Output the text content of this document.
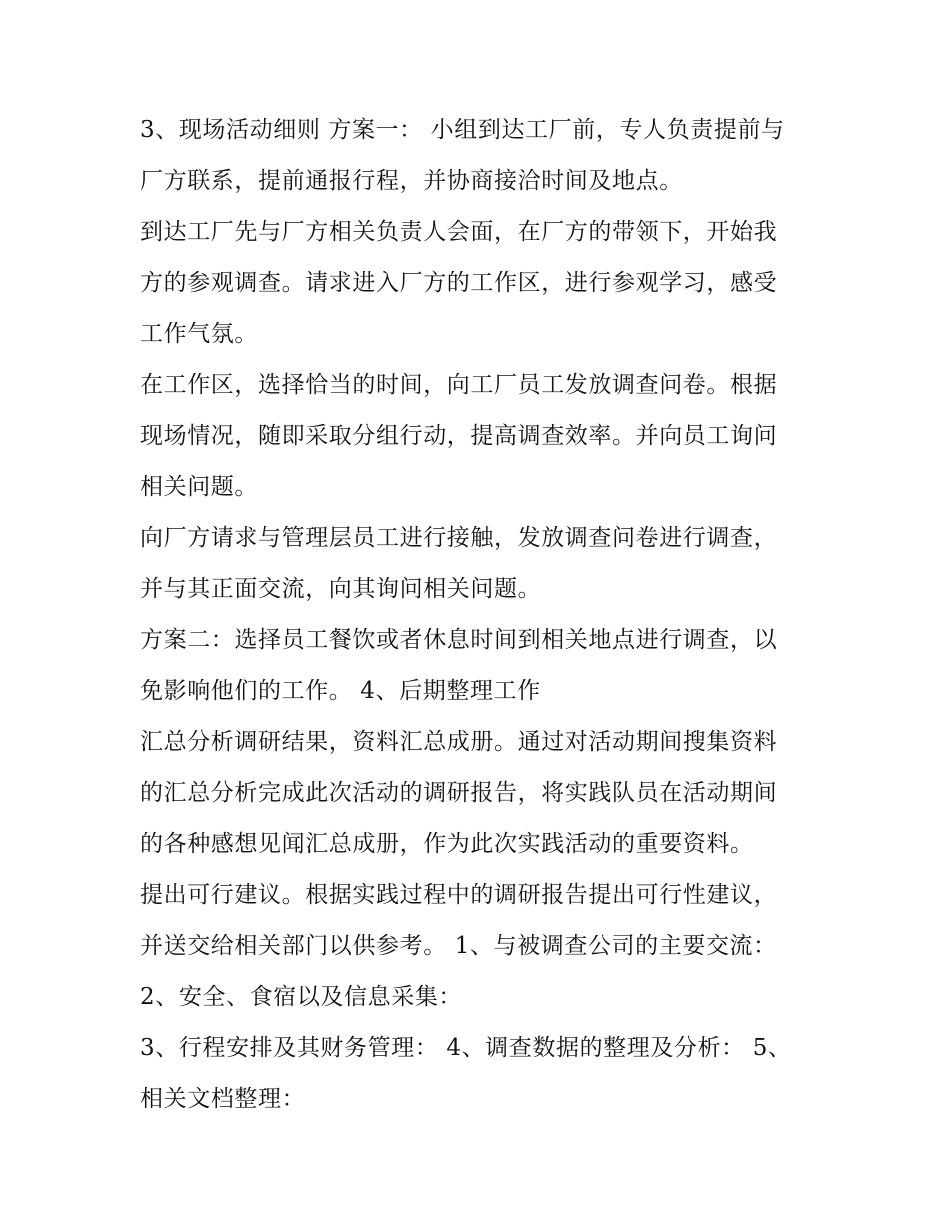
3、现场活动细则 方案一： 小组到达工厂前，专人负责提前与
厂方联系，提前通报行程，并协商接洽时间及地点。
到达工厂先与厂方相关负责人会面，在厂方的带领下，开始我
方的参观调查。请求进入厂方的工作区，进行参观学习，感受
工作气氛。
在工作区，选择恰当的时间，向工厂员工发放调查问卷。根据
现场情况，随即采取分组行动，提高调查效率。并向员工询问
相关问题。
向厂方请求与管理层员工进行接触，发放调查问卷进行调查，
并与其正面交流，向其询问相关问题。
方案二：选择员工餐饮或者休息时间到相关地点进行调查，以
免影响他们的工作。 4、后期整理工作
汇总分析调研结果，资料汇总成册。通过对活动期间搜集资料
的汇总分析完成此次活动的调研报告，将实践队员在活动期间
的各种感想见闻汇总成册，作为此次实践活动的重要资料。
提出可行建议。根据实践过程中的调研报告提出可行性建议，
并送交给相关部门以供参考。 1、与被调查公司的主要交流：
2、安全、食宿以及信息采集：
3、行程安排及其财务管理： 4、调查数据的整理及分析： 5、
相关文档整理：
